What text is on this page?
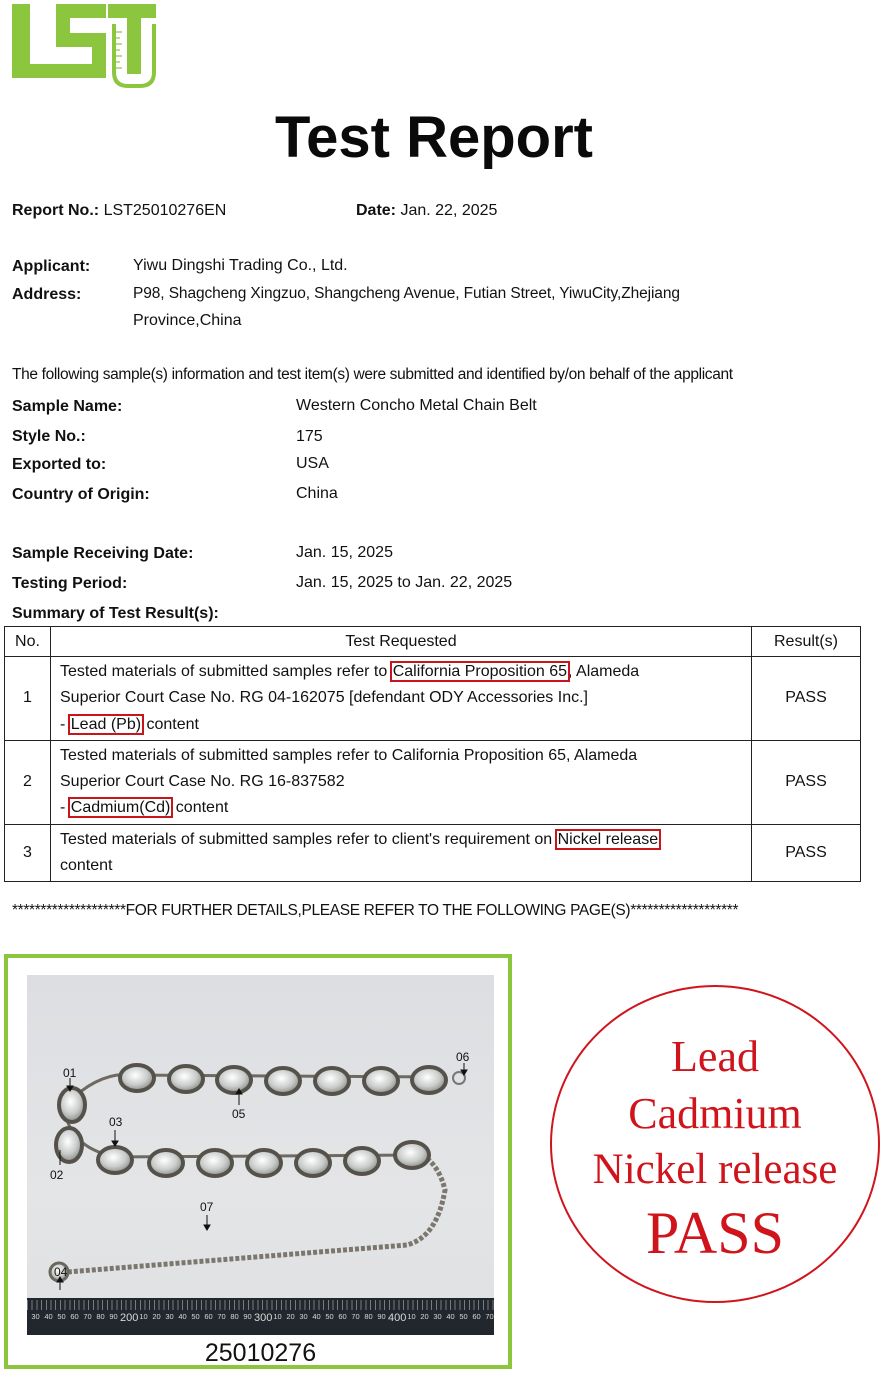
Test Report
Report No.: LST25010276EN	Date: Jan. 22, 2025
Applicant:	Yiwu Dingshi Trading Co., Ltd.
Address:	P98, Shagcheng Xingzuo, Shangcheng Avenue, Futian Street, YiwuCity,Zhejiang
Province,China
The following sample(s) information and test item(s) were submitted and identified by/on behalf of the applicant
Sample Name:	Western Concho Metal Chain Belt
Style No.:	175
Exported to:	USA
Country of Origin:	China
Sample Receiving Date:	Jan. 15, 2025
Testing Period:	Jan. 15, 2025 to Jan. 22, 2025
Summary of Test Result(s):
No.	Test Requested	Result(s)
1	Tested materials of submitted samples refer to California Proposition 65, Alameda
Superior Court Case No. RG 04-162075 [defendant ODY Accessories Inc.]
- Lead (Pb) content	PASS
2	Tested materials of submitted samples refer to California Proposition 65, Alameda
Superior Court Case No. RG 16-837582
- Cadmium(Cd) content	PASS
3	Tested materials of submitted samples refer to client's requirement on Nickel release
content	PASS
********************FOR FURTHER DETAILS,PLEASE REFER TO THE FOLLOWING PAGE(S)*******************
01
02
03
04
05
06
07
30 40 50 60 70 80 90 200 10 20 30 40 50 60 70 80 90 300 10 20 30 40 50 60 70 80 90 400 10 20 30 40 50 60 70
25010276
Lead
Cadmium
Nickel release
PASS
